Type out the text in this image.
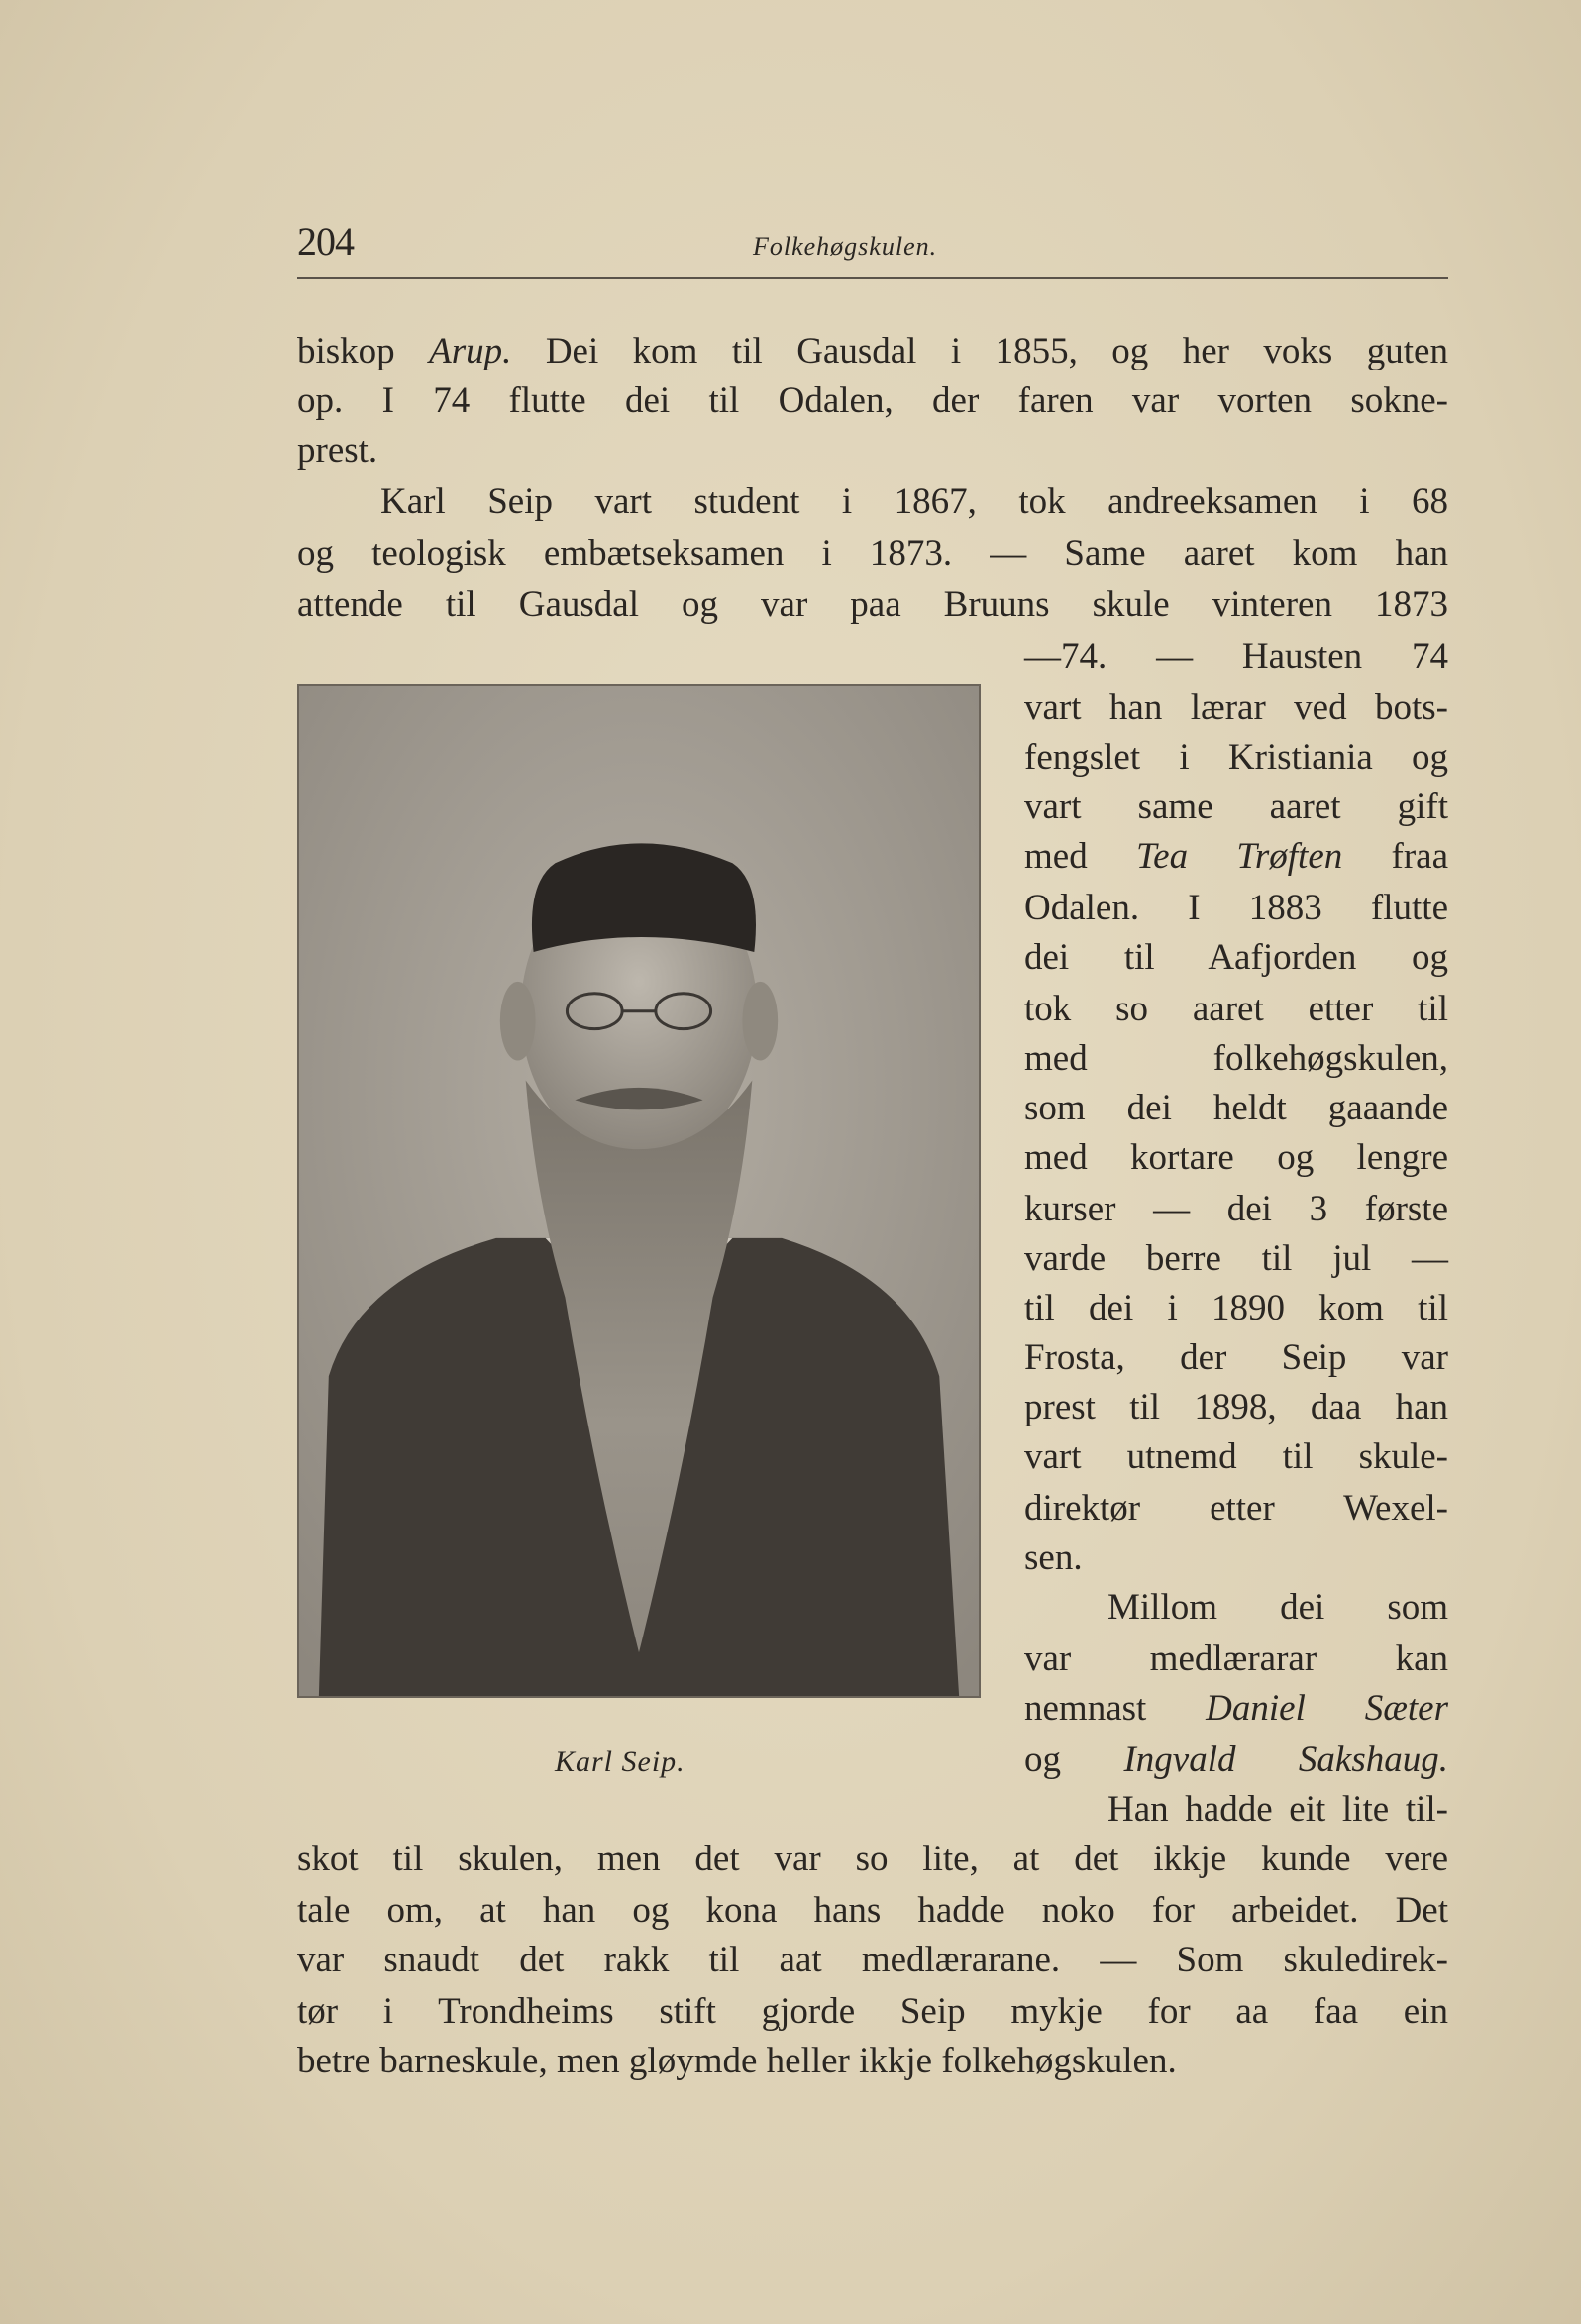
204	Folkehøgskulen.
biskop Arup. Dei kom til Gausdal i 1855, og her voks guten
op. I 74 flutte dei til Odalen, der faren var vorten sokne-
prest.
Karl Seip vart student i 1867, tok andreeksamen i 68
og teologisk embætseksamen i 1873. — Same aaret kom han
attende til Gausdal og var paa Bruuns skule vinteren 1873
—74. — Hausten 74
vart han lærar ved bots-
fengslet i Kristiania og
vart same aaret gift
med Tea Trøften fraa
Odalen. I 1883 flutte
dei til Aafjorden og
tok so aaret etter til
med folkehøgskulen,
som dei heldt gaaande
med kortare og lengre
kurser — dei 3 første
varde berre til jul —
til dei i 1890 kom til
Frosta, der Seip var
prest til 1898, daa han
vart utnemd til skule-
direktør etter Wexel-
sen.
Millom dei som
var medlærarar kan
nemnast Daniel Sæter
og Ingvald Sakshaug.
Han hadde eit lite til-
skot til skulen, men det var so lite, at det ikkje kunde vere
tale om, at han og kona hans hadde noko for arbeidet. Det
var snaudt det rakk til aat medlærarane. — Som skuledirek-
tør i Trondheims stift gjorde Seip mykje for aa faa ein
betre barneskule, men gløymde heller ikkje folkehøgskulen.
Karl Seip.
